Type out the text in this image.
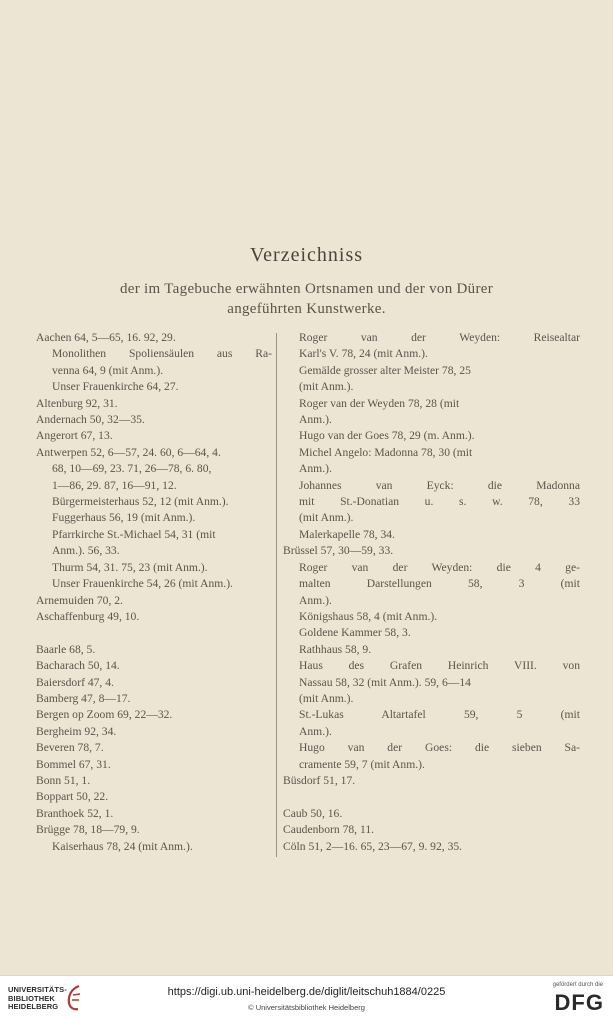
Verzeichniss
der im Tagebuche erwähnten Ortsnamen und der von Dürer
angeführten Kunstwerke.
Aachen 64, 5—65, 16. 92, 29.
Monolithen Spoliensäulen aus Ra-
venna 64, 9 (mit Anm.).
Unser Frauenkirche 64, 27.
Altenburg 92, 31.
Andernach 50, 32—35.
Angerort 67, 13.
Antwerpen 52, 6—57, 24. 60, 6—64, 4.
68, 10—69, 23. 71, 26—78, 6. 80,
1—86, 29. 87, 16—91, 12.
Bürgermeisterhaus 52, 12 (mit Anm.).
Fuggerhaus 56, 19 (mit Anm.).
Pfarrkirche St.-Michael 54, 31 (mit
Anm.). 56, 33.
Thurm 54, 31. 75, 23 (mit Anm.).
Unser Frauenkirche 54, 26 (mit Anm.).
Arnemuiden 70, 2.
Aschaffenburg 49, 10.
Baarle 68, 5.
Bacharach 50, 14.
Baiersdorf 47, 4.
Bamberg 47, 8—17.
Bergen op Zoom 69, 22—32.
Bergheim 92, 34.
Beveren 78, 7.
Bommel 67, 31.
Bonn 51, 1.
Boppart 50, 22.
Branthoek 52, 1.
Brügge 78, 18—79, 9.
Kaiserhaus 78, 24 (mit Anm.).
Roger van der Weyden: Reisealtar
Karl's V. 78, 24 (mit Anm.).
Gemälde grosser alter Meister 78, 25
(mit Anm.).
Roger van der Weyden 78, 28 (mit
Anm.).
Hugo van der Goes 78, 29 (m. Anm.).
Michel Angelo: Madonna 78, 30 (mit
Anm.).
Johannes van Eyck: die Madonna
mit St.-Donatian u. s. w. 78, 33
(mit Anm.).
Malerkapelle 78, 34.
Brüssel 57, 30—59, 33.
Roger van der Weyden: die 4 ge-
malten Darstellungen 58, 3 (mit
Anm.).
Königshaus 58, 4 (mit Anm.).
Goldene Kammer 58, 3.
Rathhaus 58, 9.
Haus des Grafen Heinrich VIII. von
Nassau 58, 32 (mit Anm.). 59, 6—14
(mit Anm.).
St.-Lukas Altartafel 59, 5 (mit
Anm.).
Hugo van der Goes: die sieben Sa-
cramente 59, 7 (mit Anm.).
Büsdorf 51, 17.
Caub 50, 16.
Caudenborn 78, 11.
Cöln 51, 2—16. 65, 23—67, 9. 92, 35.
UNIVERSITÄTS-
BIBLIOTHEK
HEIDELBERG
https://digi.ub.uni-heidelberg.de/diglit/leitschuh1884/0225
© Universitätsbibliothek Heidelberg
gefördert durch die
DFG
